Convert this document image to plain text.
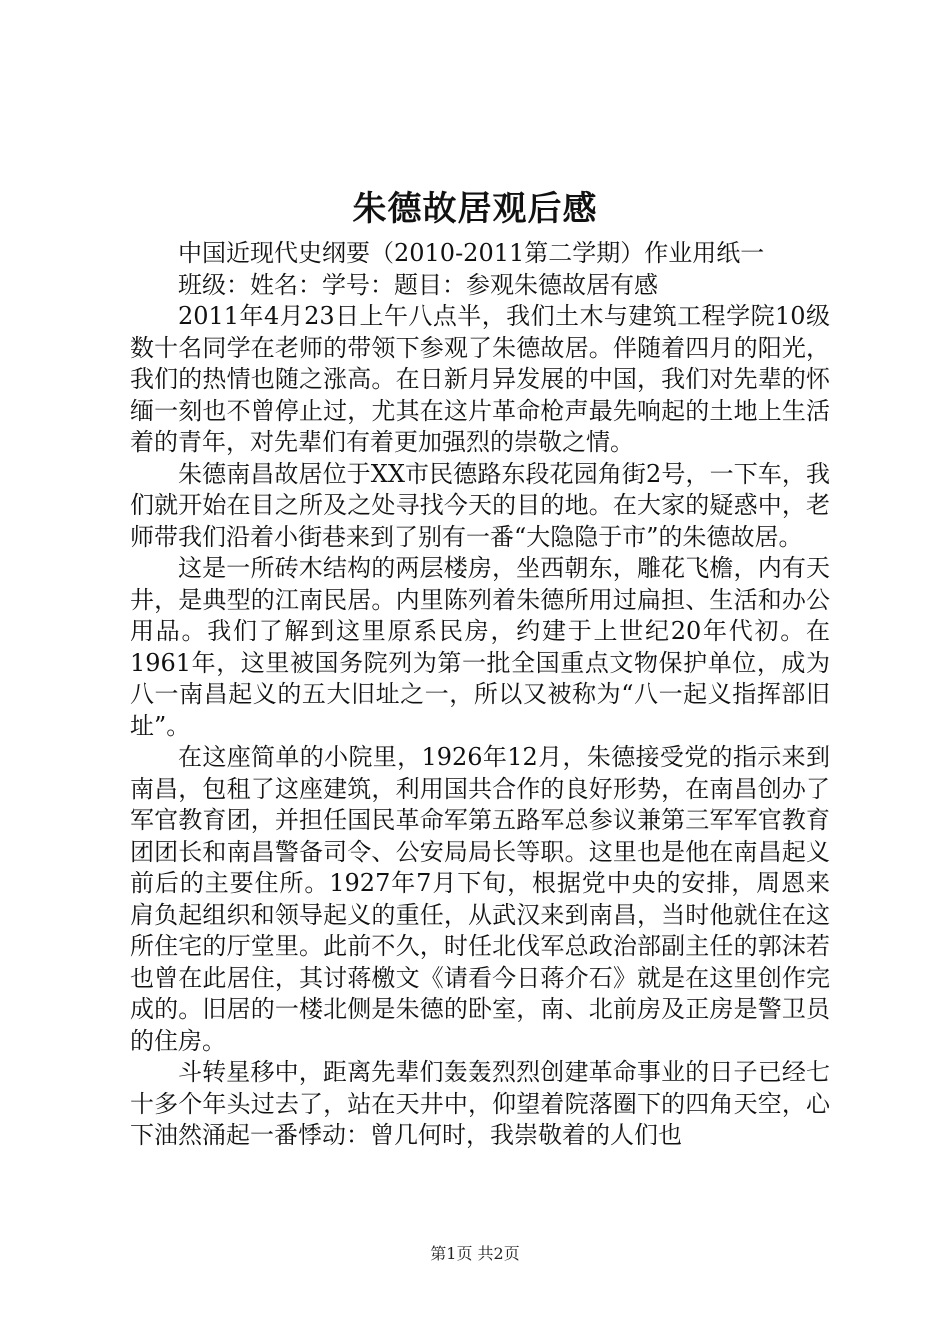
朱德故居观后感

中国近现代史纲要（2010-2011第二学期）作业用纸一

班级：姓名：学号：题目：参观朱德故居有感

2011年4月23日上午八点半，我们土木与建筑工程学院10级数十名同学在老师的带领下参观了朱德故居。伴随着四月的阳光，我们的热情也随之涨高。在日新月异发展的中国，我们对先辈的怀缅一刻也不曾停止过，尤其在这片革命枪声最先响起的土地上生活着的青年，对先辈们有着更加强烈的崇敬之情。

朱德南昌故居位于XX市民德路东段花园角街2号，一下车，我们就开始在目之所及之处寻找今天的目的地。在大家的疑惑中，老师带我们沿着小街巷来到了别有一番“大隐隐于市”的朱德故居。

这是一所砖木结构的两层楼房，坐西朝东，雕花飞檐，内有天井，是典型的江南民居。内里陈列着朱德所用过扁担、生活和办公用品。我们了解到这里原系民房，约建于上世纪20年代初。在1961年，这里被国务院列为第一批全国重点文物保护单位，成为八一南昌起义的五大旧址之一，所以又被称为“八一起义指挥部旧址”。

在这座简单的小院里，1926年12月，朱德接受党的指示来到南昌，包租了这座建筑，利用国共合作的良好形势，在南昌创办了军官教育团，并担任国民革命军第五路军总参议兼第三军军官教育团团长和南昌警备司令、公安局局长等职。这里也是他在南昌起义前后的主要住所。1927年7月下旬，根据党中央的安排，周恩来肩负起组织和领导起义的重任，从武汉来到南昌，当时他就住在这所住宅的厅堂里。此前不久，时任北伐军总政治部副主任的郭沫若也曾在此居住，其讨蒋檄文《请看今日蒋介石》就是在这里创作完成的。旧居的一楼北侧是朱德的卧室，南、北前房及正房是警卫员的住房。

斗转星移中，距离先辈们轰轰烈烈创建革命事业的日子已经七十多个年头过去了，站在天井中，仰望着院落圈下的四角天空，心下油然涌起一番悸动：曾几何时，我崇敬着的人们也

第1页 共2页
